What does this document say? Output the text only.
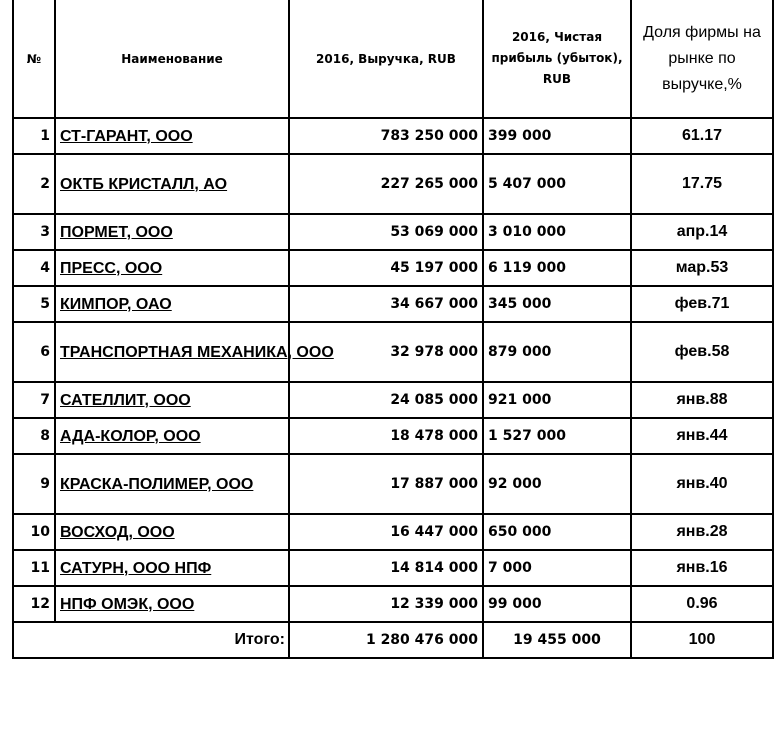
№	Наименование	2016, Выручка, RUB	2016, Чистая прибыль (убыток), RUB	Доля фирмы на рынке по выручке,%
1	СТ-ГАРАНТ, ООО	783 250 000	399 000	61.17
2	ОКТБ КРИСТАЛЛ, АО	227 265 000	5 407 000	17.75
3	ПОРМЕТ, ООО	53 069 000	3 010 000	апр.14
4	ПРЕСС, ООО	45 197 000	6 119 000	мар.53
5	КИМПОР, ОАО	34 667 000	345 000	фев.71
6	ТРАНСПОРТНАЯ МЕХАНИКА, ООО	32 978 000	879 000	фев.58
7	САТЕЛЛИТ, ООО	24 085 000	921 000	янв.88
8	АДА-КОЛОР, ООО	18 478 000	1 527 000	янв.44
9	КРАСКА-ПОЛИМЕР, ООО	17 887 000	92 000	янв.40
10	ВОСХОД, ООО	16 447 000	650 000	янв.28
11	САТУРН, ООО НПФ	14 814 000	7 000	янв.16
12	НПФ ОМЭК, ООО	12 339 000	99 000	0.96
Итого:		1 280 476 000	19 455 000	100
